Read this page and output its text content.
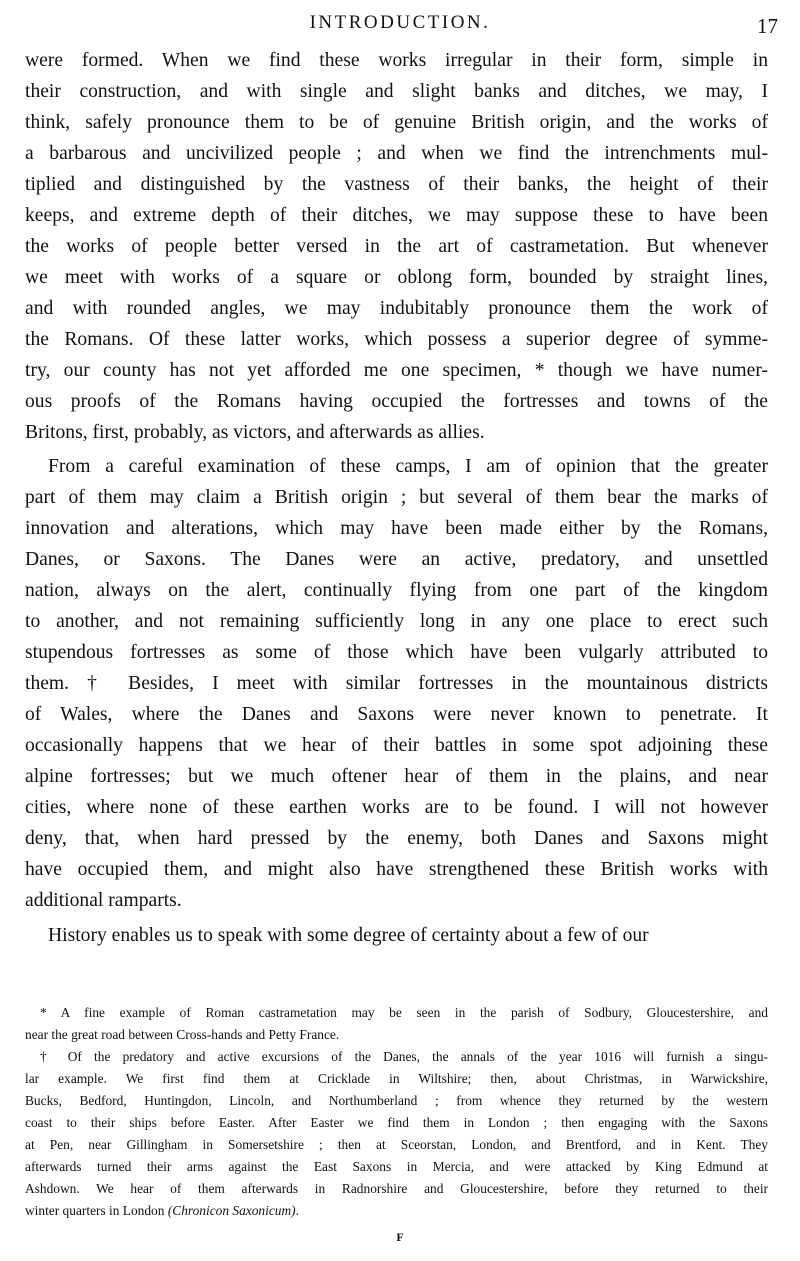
INTRODUCTION.	17
were formed. When we find these works irregular in their form, simple in
their construction, and with single and slight banks and ditches, we may, I
think, safely pronounce them to be of genuine British origin, and the works of
a barbarous and uncivilized people ; and when we find the intrenchments mul-
tiplied and distinguished by the vastness of their banks, the height of their
keeps, and extreme depth of their ditches, we may suppose these to have been
the works of people better versed in the art of castrametation. But whenever
we meet with works of a square or oblong form, bounded by straight lines,
and with rounded angles, we may indubitably pronounce them the work of
the Romans. Of these latter works, which possess a superior degree of symme-
try, our county has not yet afforded me one specimen, * though we have numer-
ous proofs of the Romans having occupied the fortresses and towns of the
Britons, first, probably, as victors, and afterwards as allies.
From a careful examination of these camps, I am of opinion that the greater
part of them may claim a British origin ; but several of them bear the marks of
innovation and alterations, which may have been made either by the Romans,
Danes, or Saxons. The Danes were an active, predatory, and unsettled
nation, always on the alert, continually flying from one part of the kingdom
to another, and not remaining sufficiently long in any one place to erect such
stupendous fortresses as some of those which have been vulgarly attributed to
them. † Besides, I meet with similar fortresses in the mountainous districts
of Wales, where the Danes and Saxons were never known to penetrate. It
occasionally happens that we hear of their battles in some spot adjoining these
alpine fortresses; but we much oftener hear of them in the plains, and near
cities, where none of these earthen works are to be found. I will not however
deny, that, when hard pressed by the enemy, both Danes and Saxons might
have occupied them, and might also have strengthened these British works with
additional ramparts.
History enables us to speak with some degree of certainty about a few of our
* A fine example of Roman castrametation may be seen in the parish of Sodbury, Gloucestershire, and
near the great road between Cross-hands and Petty France.
† Of the predatory and active excursions of the Danes, the annals of the year 1016 will furnish a singu-
lar example. We first find them at Cricklade in Wiltshire; then, about Christmas, in Warwickshire,
Bucks, Bedford, Huntingdon, Lincoln, and Northumberland ; from whence they returned by the western
coast to their ships before Easter. After Easter we find them in London ; then engaging with the Saxons
at Pen, near Gillingham in Somersetshire ; then at Sceorstan, London, and Brentford, and in Kent. They
afterwards turned their arms against the East Saxons in Mercia, and were attacked by King Edmund at
Ashdown. We hear of them afterwards in Radnorshire and Gloucestershire, before they returned to their
winter quarters in London (Chronicon Saxonicum).
F
